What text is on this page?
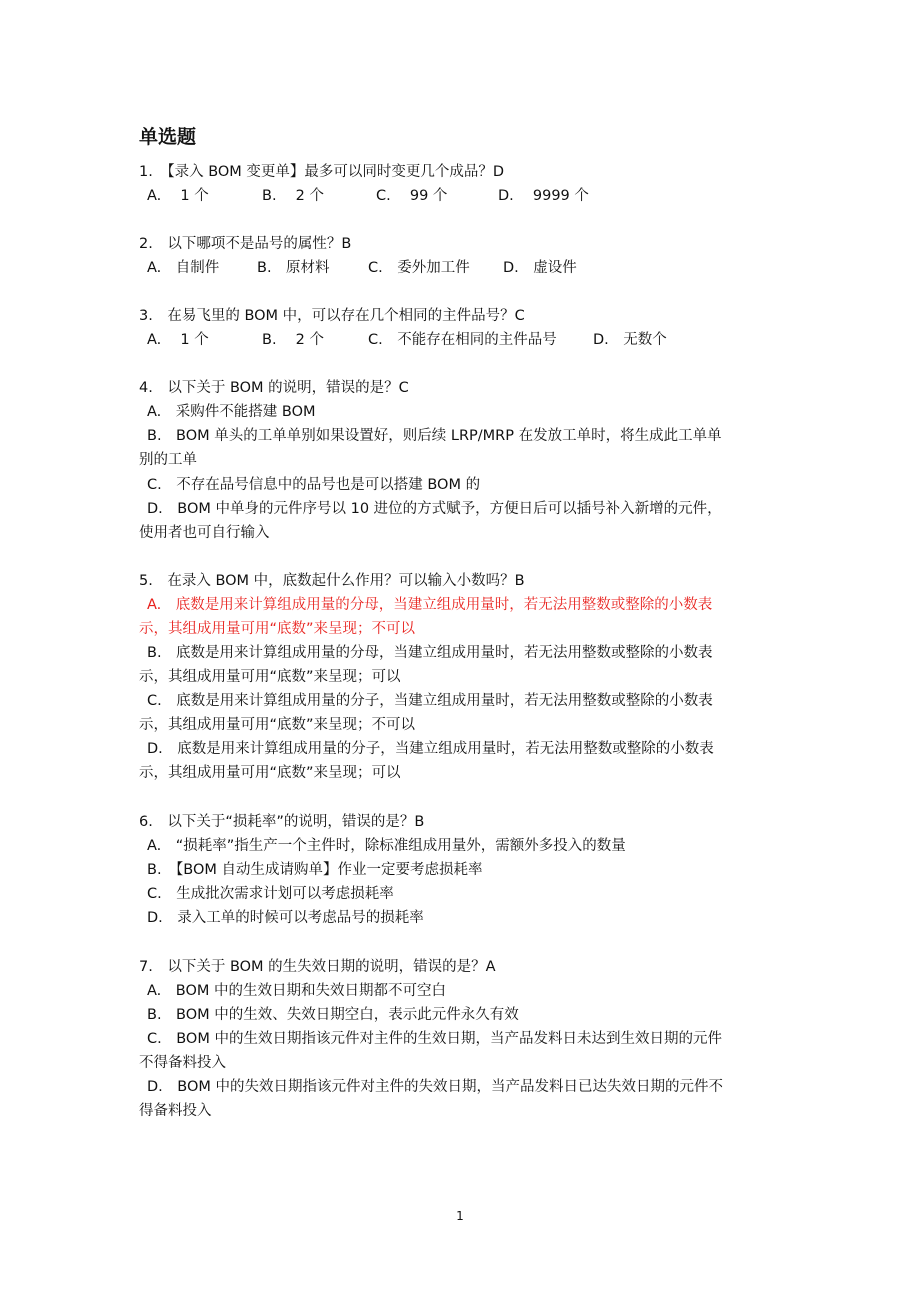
单选题
1.　【录入 BOM 变更单】最多可以同时变更几个成品？D
A.　 1 个	B.　 2 个	C.　 99 个	D.　 9999 个
2.　以下哪项不是品号的属性？B
A.　自制件	B.　原材料	C.　委外加工件 D.　虚设件
3.　在易飞里的 BOM 中，可以存在几个相同的主件品号？C
A.　 1 个	B.　 2 个	C.　不能存在相同的主件品号	D.　无数个
4.　以下关于 BOM 的说明，错误的是？C
A.　采购件不能搭建 BOM
B.　BOM 单头的工单单别如果设置好，则后续 LRP/MRP 在发放工单时，将生成此工单单
别的工单
C.　不存在品号信息中的品号也是可以搭建 BOM 的
D.　BOM 中单身的元件序号以 10 进位的方式赋予，方便日后可以插号补入新增的元件，
使用者也可自行输入
5.　在录入 BOM 中，底数起什么作用？可以输入小数吗？B
A.　底数是用来计算组成用量的分母，当建立组成用量时，若无法用整数或整除的小数表
示，其组成用量可用“底数”来呈现；不可以
B.　底数是用来计算组成用量的分母，当建立组成用量时，若无法用整数或整除的小数表
示，其组成用量可用“底数”来呈现；可以
C.　底数是用来计算组成用量的分子，当建立组成用量时，若无法用整数或整除的小数表
示，其组成用量可用“底数”来呈现；不可以
D.　底数是用来计算组成用量的分子，当建立组成用量时，若无法用整数或整除的小数表
示，其组成用量可用“底数”来呈现；可以
6.　以下关于“损耗率”的说明，错误的是？B
A.　“损耗率”指生产一个主件时，除标准组成用量外，需额外多投入的数量
B.　【BOM 自动生成请购单】作业一定要考虑损耗率
C.　生成批次需求计划可以考虑损耗率
D.　录入工单的时候可以考虑品号的损耗率
7.　以下关于 BOM 的生失效日期的说明，错误的是？A
A.　BOM 中的生效日期和失效日期都不可空白
B.　BOM 中的生效、失效日期空白，表示此元件永久有效
C.　BOM 中的生效日期指该元件对主件的生效日期，当产品发料日未达到生效日期的元件
不得备料投入
D.　BOM 中的失效日期指该元件对主件的失效日期，当产品发料日已达失效日期的元件不
得备料投入
1
